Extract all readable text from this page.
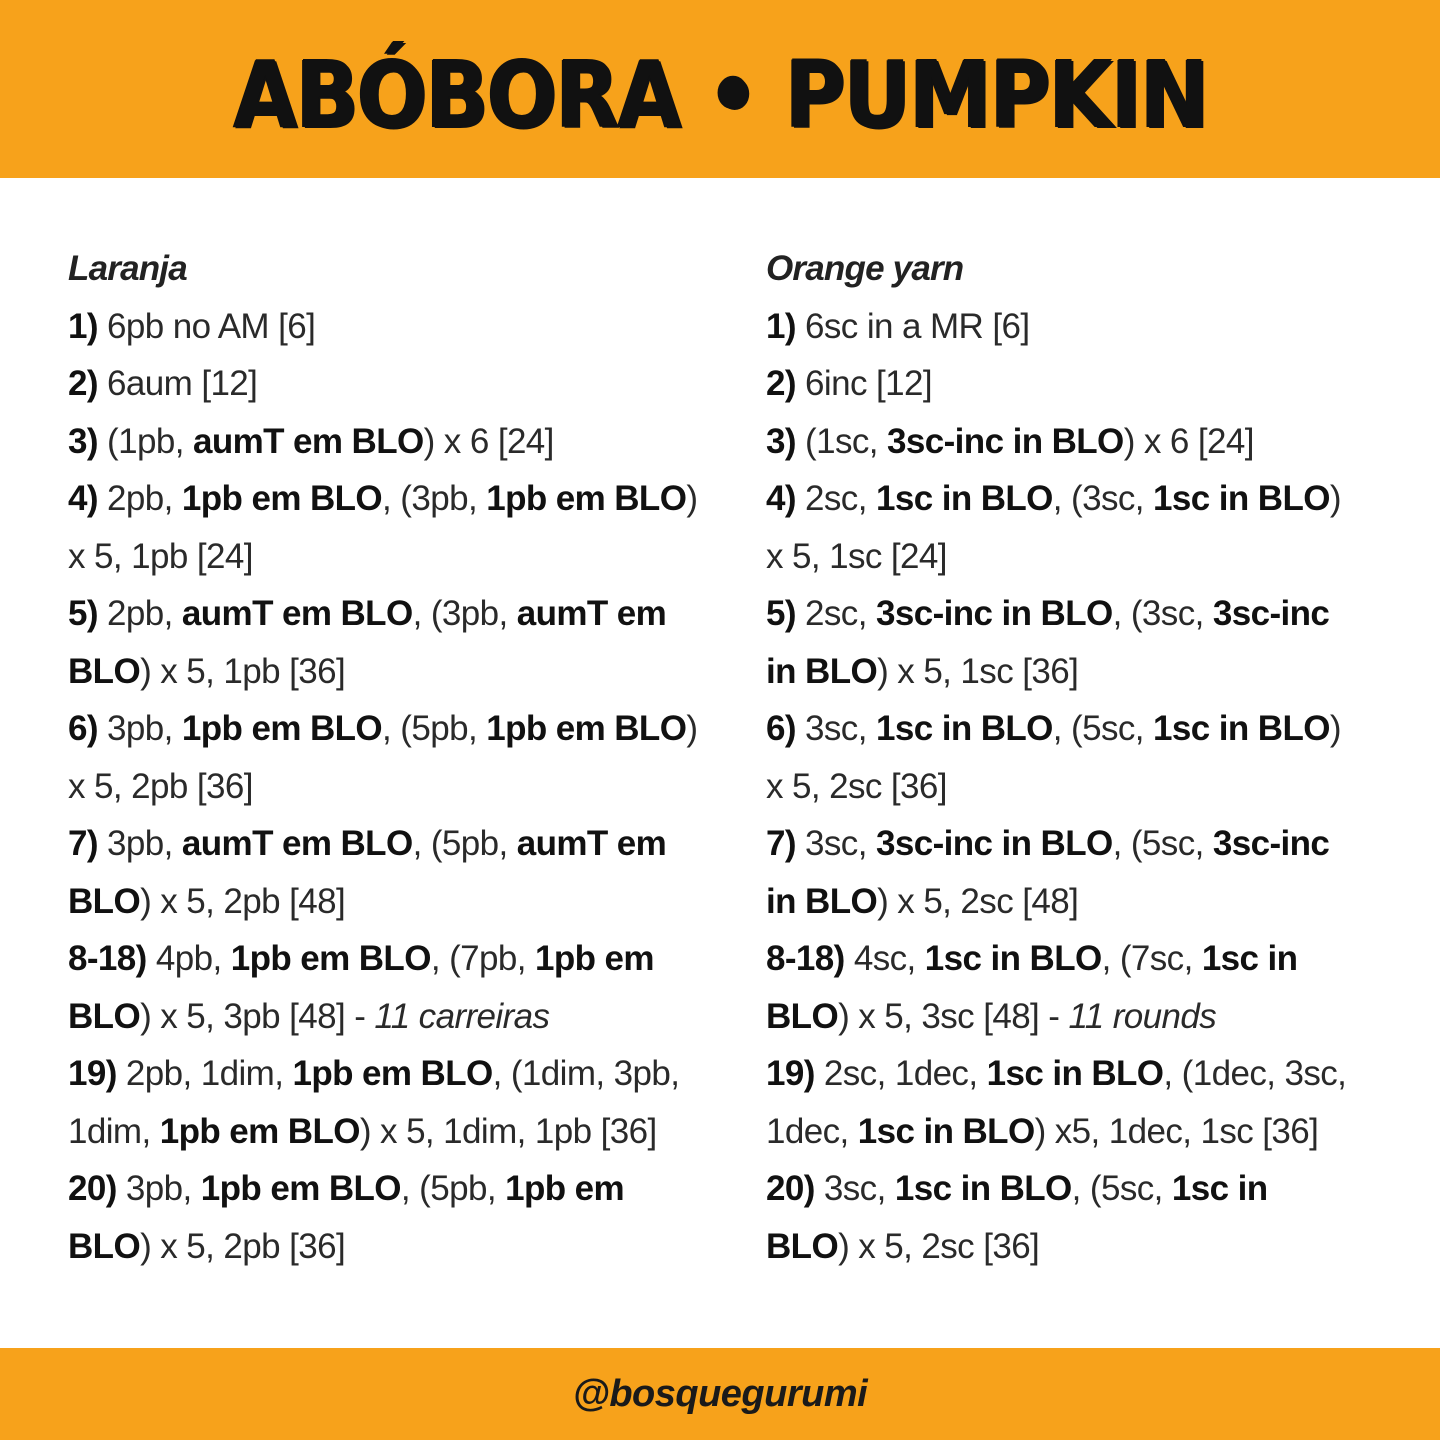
ABÓBORA • PUMPKIN
Laranja
1) 6pb no AM [6]
2) 6aum [12]
3) (1pb, aumT em BLO) x 6 [24]
4) 2pb, 1pb em BLO, (3pb, 1pb em BLO)
x 5, 1pb [24]
5) 2pb, aumT em BLO, (3pb, aumT em
BLO) x 5, 1pb [36]
6) 3pb, 1pb em BLO, (5pb, 1pb em BLO)
x 5, 2pb [36]
7) 3pb, aumT em BLO, (5pb, aumT em
BLO) x 5, 2pb [48]
8-18) 4pb, 1pb em BLO, (7pb, 1pb em
BLO) x 5, 3pb [48] - 11 carreiras
19) 2pb, 1dim, 1pb em BLO, (1dim, 3pb,
1dim, 1pb em BLO) x 5, 1dim, 1pb [36]
20) 3pb, 1pb em BLO, (5pb, 1pb em
BLO) x 5, 2pb [36]
Orange yarn
1) 6sc in a MR [6]
2) 6inc [12]
3) (1sc, 3sc-inc in BLO) x 6 [24]
4) 2sc, 1sc in BLO, (3sc, 1sc in BLO)
x 5, 1sc [24]
5) 2sc, 3sc-inc in BLO, (3sc, 3sc-inc
in BLO) x 5, 1sc [36]
6) 3sc, 1sc in BLO, (5sc, 1sc in BLO)
x 5, 2sc [36]
7) 3sc, 3sc-inc in BLO, (5sc, 3sc-inc
in BLO) x 5, 2sc [48]
8-18) 4sc, 1sc in BLO, (7sc, 1sc in
BLO) x 5, 3sc [48] - 11 rounds
19) 2sc, 1dec, 1sc in BLO, (1dec, 3sc,
1dec, 1sc in BLO) x5, 1dec, 1sc [36]
20) 3sc, 1sc in BLO, (5sc, 1sc in
BLO) x 5, 2sc [36]
@bosquegurumi
